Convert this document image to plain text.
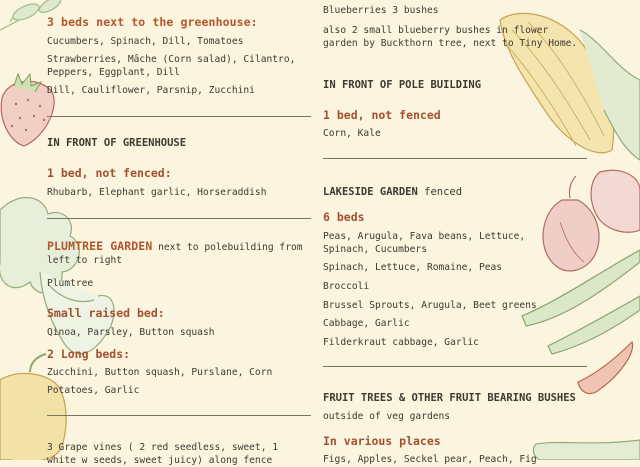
3 beds next to the greenhouse:
Cucumbers, Spinach, Dill, Tomatoes
Strawberries, Mâche (Corn salad), Cilantro, Peppers, Eggplant, Dill
Dill, Cauliflower, Parsnip, Zucchini
IN FRONT OF GREENHOUSE
1 bed, not fenced:
Rhubarb, Elephant garlic, Horseraddish
PLUMTREE GARDEN next to polebuilding from left to right
Plumtree
Small raised bed:
Qinoa, Parsley, Button squash
2 Long beds:
Zucchini, Button squash, Purslane, Corn
Potatoes, Garlic
3 Grape vines ( 2 red seedless, sweet, 1 white w seeds, sweet juicy) along fence
Blueberries 3 bushes
also 2 small blueberry bushes in flower garden by Buckthorn tree, next to Tiny Home.
IN FRONT OF POLE BUILDING
1 bed, not fenced
Corn, Kale
LAKESIDE GARDEN fenced
6 beds
Peas, Arugula, Fava beans, Lettuce, Spinach, Cucumbers
Spinach, Lettuce, Romaine, Peas
Broccoli
Brussel Sprouts, Arugula, Beet greens
Cabbage, Garlic
Filderkraut cabbage, Garlic
FRUIT TREES & OTHER FRUIT BEARING BUSHES outside of veg gardens
In various places
Figs, Apples, Seckel pear, Peach, Fig
